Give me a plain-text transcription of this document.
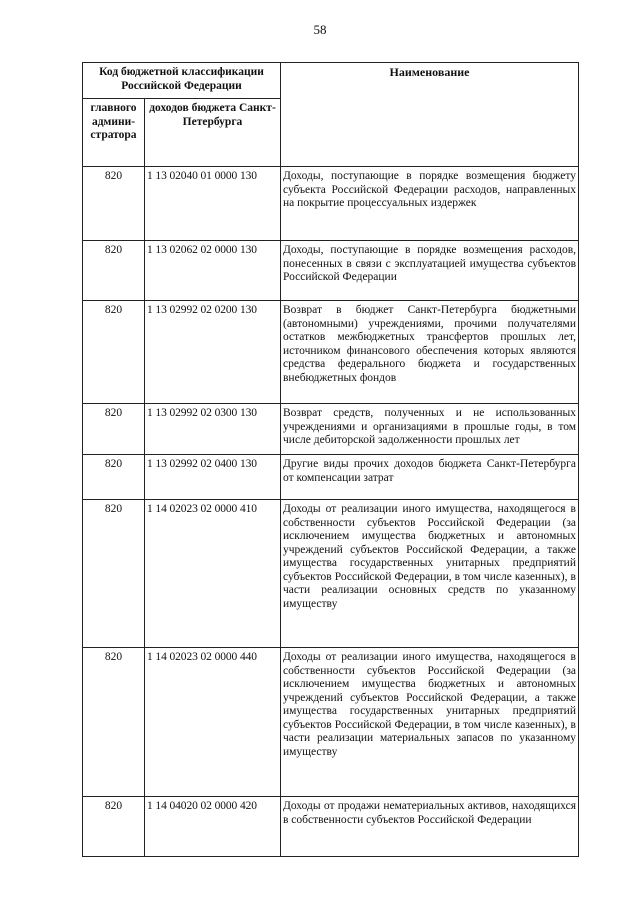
58
Код бюджетной классификации Российской Федерации		Наименование
главного админи-стратора	доходов бюджета Санкт-Петербурга	
820	1 13 02040 01 0000 130	Доходы, поступающие в порядке возмещения бюджету субъекта Российской Федерации расходов, направленных на покрытие процессуальных издержек
820	1 13 02062 02 0000 130	Доходы, поступающие в порядке возмещения расходов, понесенных в связи с эксплуатацией имущества субъектов Российской Федерации
820	1 13 02992 02 0200 130	Возврат в бюджет Санкт-Петербурга бюджетными (автономными) учреждениями, прочими получателями остатков межбюджетных трансфертов прошлых лет, источником финансового обеспечения которых являются средства федерального бюджета и государственных внебюджетных фондов
820	1 13 02992 02 0300 130	Возврат средств, полученных и не использованных учреждениями и организациями в прошлые годы, в том числе дебиторской задолженности прошлых лет
820	1 13 02992 02 0400 130	Другие виды прочих доходов бюджета Санкт-Петербурга от компенсации затрат
820	1 14 02023 02 0000 410	Доходы от реализации иного имущества, находящегося в собственности субъектов Российской Федерации (за исключением имущества бюджетных и автономных учреждений субъектов Российской Федерации, а также имущества государственных унитарных предприятий субъектов Российской Федерации, в том числе казенных), в части реализации основных средств по указанному имуществу
820	1 14 02023 02 0000 440	Доходы от реализации иного имущества, находящегося в собственности субъектов Российской Федерации (за исключением имущества бюджетных и автономных учреждений субъектов Российской Федерации, а также имущества государственных унитарных предприятий субъектов Российской Федерации, в том числе казенных), в части реализации материальных запасов по указанному имуществу
820	1 14 04020 02 0000 420	Доходы от продажи нематериальных активов, находящихся в собственности субъектов Российской Федерации
